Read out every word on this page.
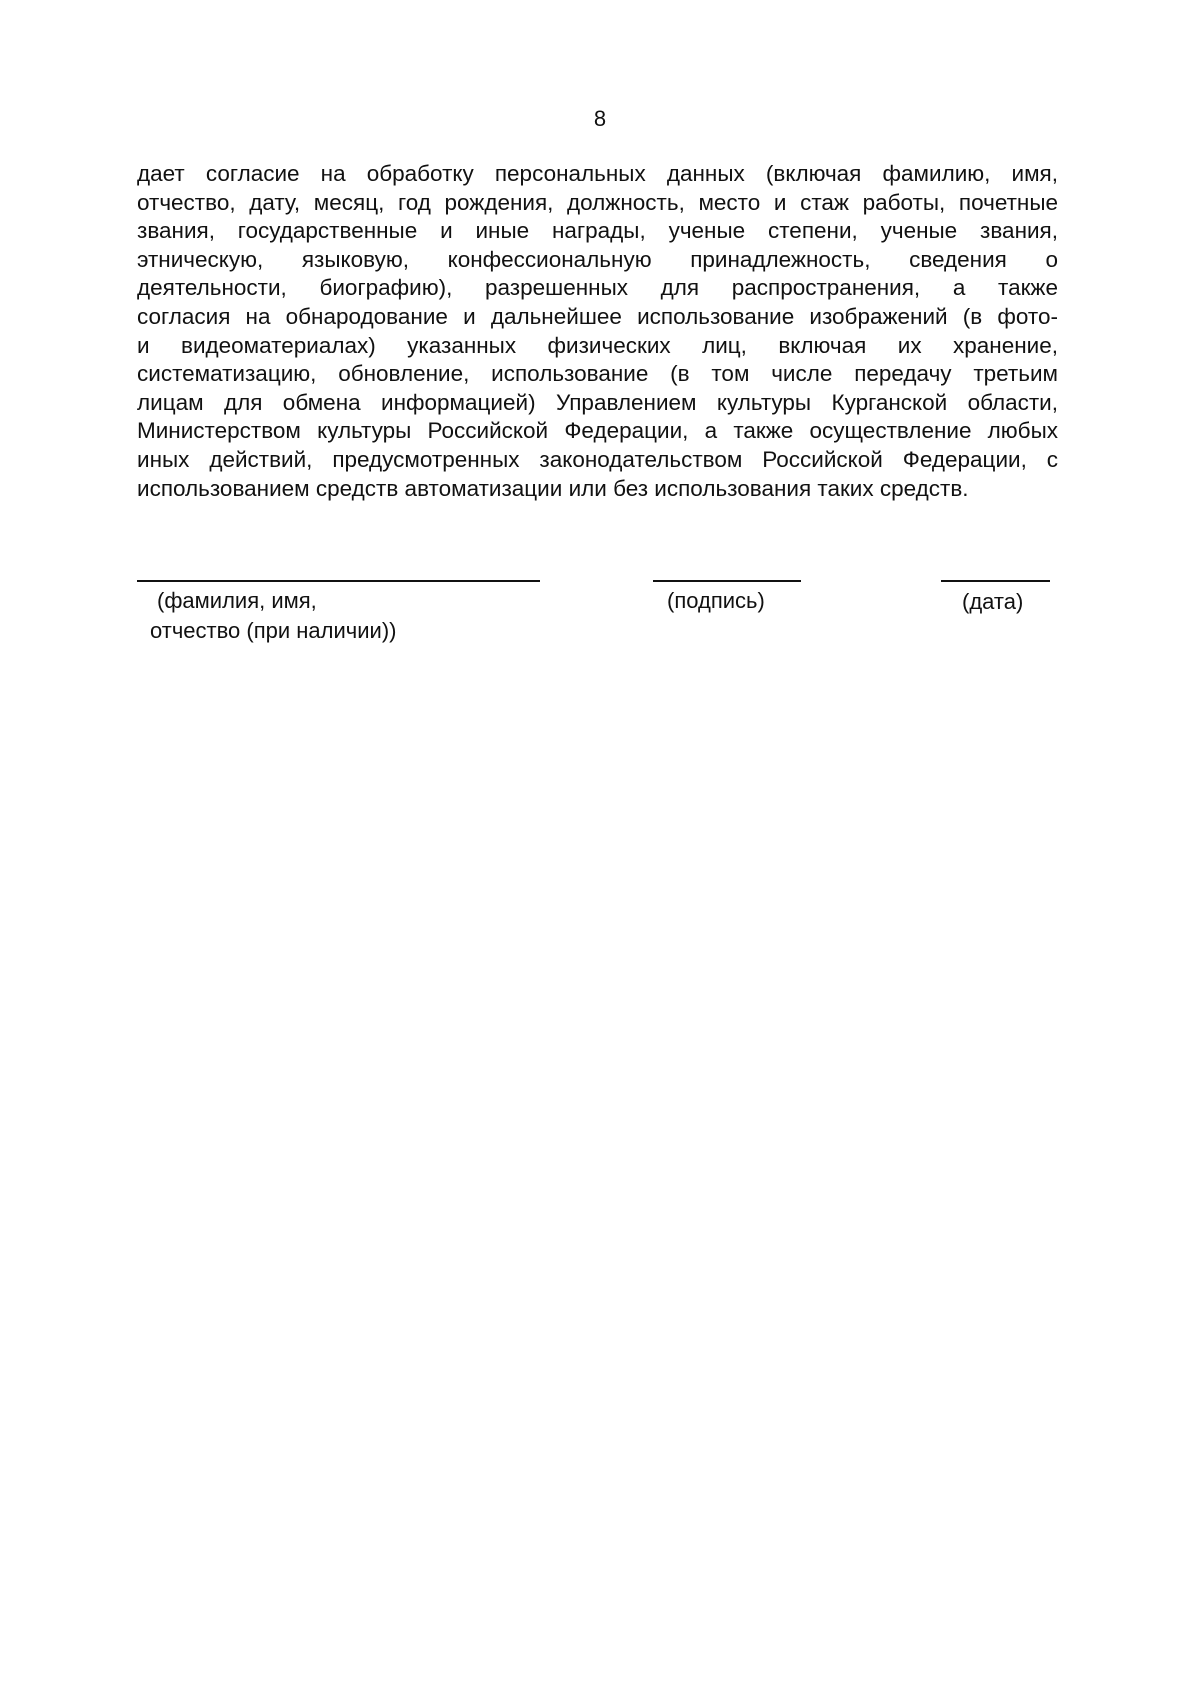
8

дает согласие на обработку персональных данных (включая фамилию, имя,
отчество, дату, месяц, год рождения, должность, место и стаж работы, почетные
звания, государственные и иные награды, ученые степени, ученые звания,
этническую, языковую, конфессиональную принадлежность, сведения о
деятельности, биографию), разрешенных для распространения, а также
согласия на обнародование и дальнейшее использование изображений (в фото-
и видеоматериалах) указанных физических лиц, включая их хранение,
систематизацию, обновление, использование (в том числе передачу третьим
лицам для обмена информацией) Управлением культуры Курганской области,
Министерством культуры Российской Федерации, а также осуществление любых
иных действий, предусмотренных законодательством Российской Федерации, с
использованием средств автоматизации или без использования таких средств.

(фамилия, имя,
отчество (при наличии))
(подпись)	(дата)
